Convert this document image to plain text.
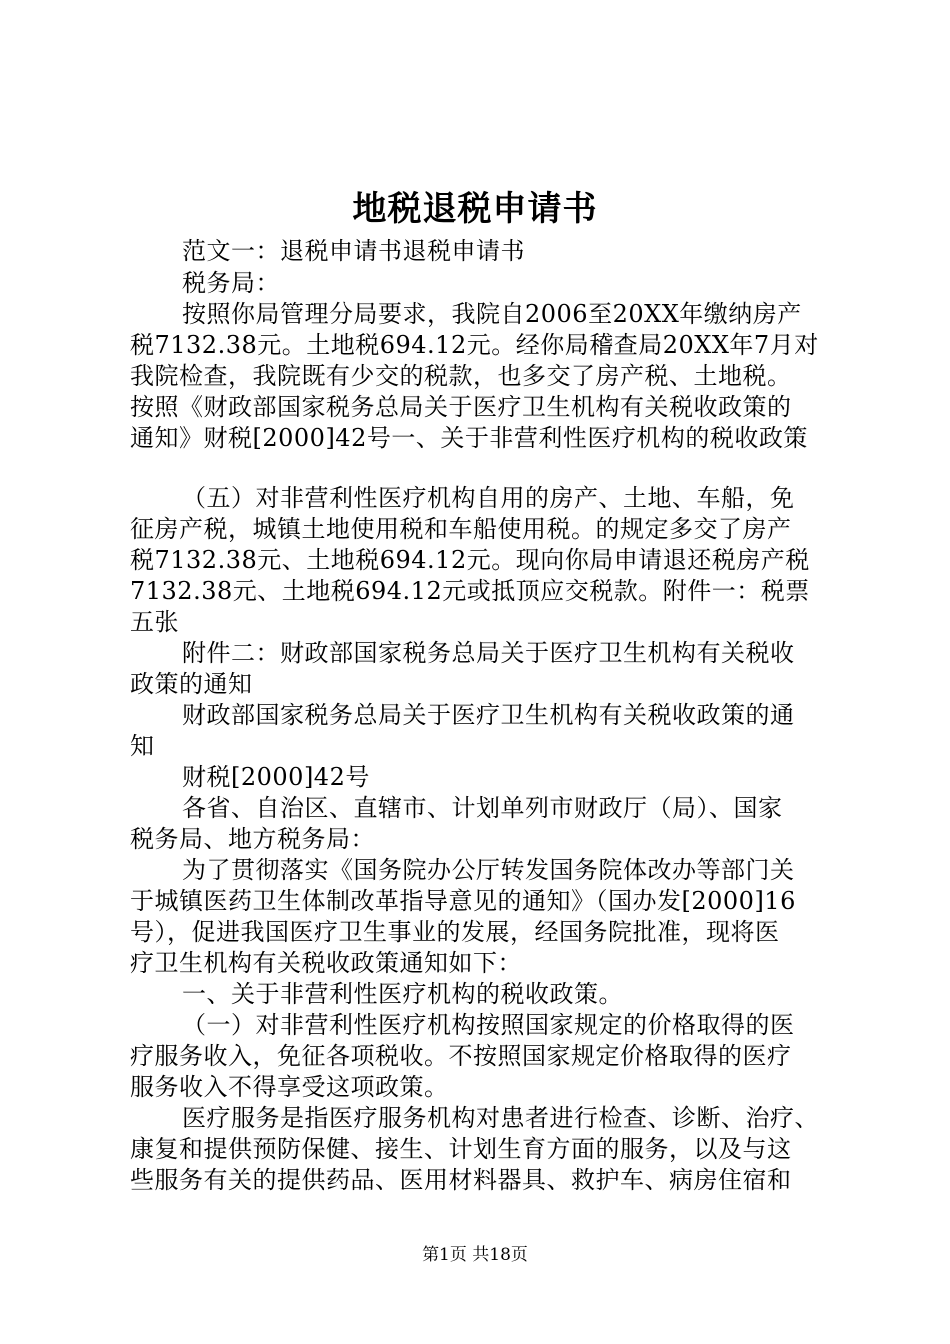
地税退税申请书
范文一：退税申请书退税申请书
税务局：
按照你局管理分局要求，我院自2006至20XX年缴纳房产
税7132.38元。土地税694.12元。经你局稽查局20XX年7月对
我院检查，我院既有少交的税款，也多交了房产税、土地税。
按照《财政部国家税务总局关于医疗卫生机构有关税收政策的
通知》财税[2000]42号一、关于非营利性医疗机构的税收政策
（五）对非营利性医疗机构自用的房产、土地、车船，免
征房产税，城镇土地使用税和车船使用税。的规定多交了房产
税7132.38元、土地税694.12元。现向你局申请退还税房产税
7132.38元、土地税694.12元或抵顶应交税款。附件一：税票
五张
附件二：财政部国家税务总局关于医疗卫生机构有关税收
政策的通知
财政部国家税务总局关于医疗卫生机构有关税收政策的通
知
财税[2000]42号
各省、自治区、直辖市、计划单列市财政厅（局）、国家
税务局、地方税务局：
为了贯彻落实《国务院办公厅转发国务院体改办等部门关
于城镇医药卫生体制改革指导意见的通知》（国办发[2000]16
号），促进我国医疗卫生事业的发展，经国务院批准，现将医
疗卫生机构有关税收政策通知如下：
一、关于非营利性医疗机构的税收政策。
（一）对非营利性医疗机构按照国家规定的价格取得的医
疗服务收入，免征各项税收。不按照国家规定价格取得的医疗
服务收入不得享受这项政策。
医疗服务是指医疗服务机构对患者进行检查、诊断、治疗、
康复和提供预防保健、接生、计划生育方面的服务，以及与这
些服务有关的提供药品、医用材料器具、救护车、病房住宿和
第1页 共18页
